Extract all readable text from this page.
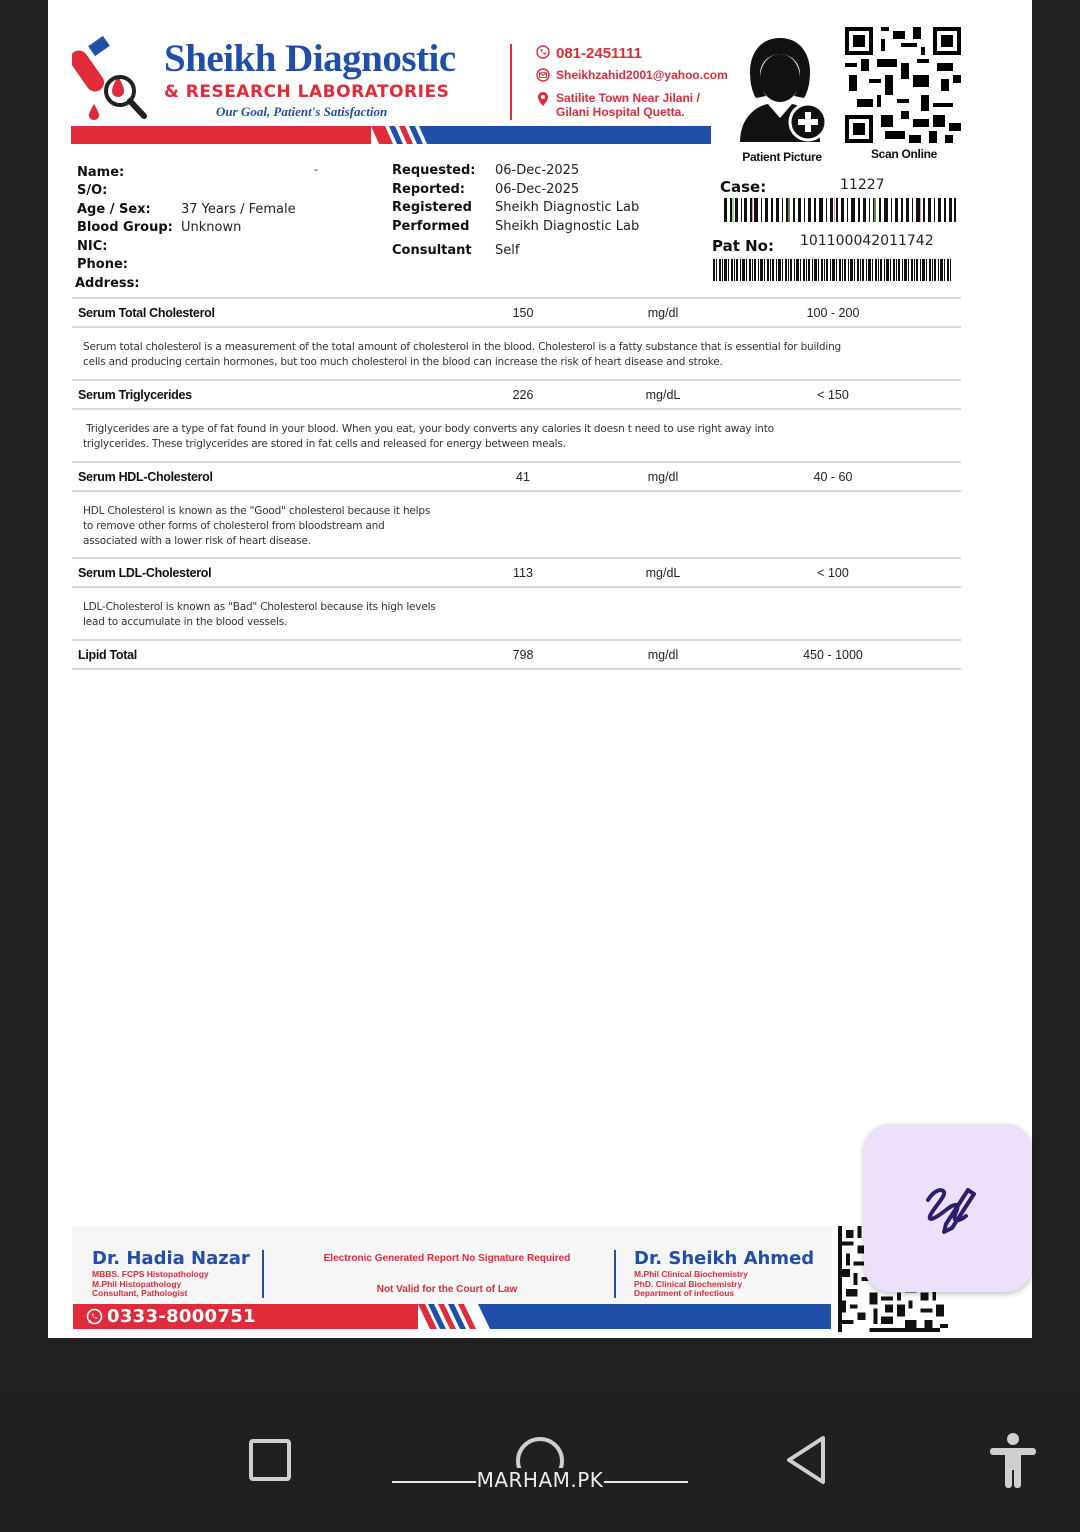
Sheikh Diagnostic
& RESEARCH LABORATORIES
Our Goal, Patient's Satisfaction
081-2451111
Sheikhzahid2001@yahoo.com
Satilite Town Near Jilani / Gilani Hospital Quetta.
Patient Picture	Scan Online
Case:	11227
Pat No: 101100042011742
Name:	-
S/O:
Age / Sex: 37 Years / Female
Blood Group: Unknown
NIC:
Phone:
Address:
Requested: 06-Dec-2025
Reported: 06-Dec-2025
Registered Sheikh Diagnostic Lab
Performed Sheikh Diagnostic Lab
Consultant Self
Serum Total Cholesterol	150	mg/dl	100 - 200
Serum total cholesterol is a measurement of the total amount of cholesterol in the blood. Cholesterol is a fatty substance that is essential for building
cells and producing certain hormones, but too much cholesterol in the blood can increase the risk of heart disease and stroke.
Serum Triglycerides	226	mg/dL	< 150
Triglycerides are a type of fat found in your blood. When you eat, your body converts any calories it doesn t need to use right away into
triglycerides. These triglycerides are stored in fat cells and released for energy between meals.
Serum HDL-Cholesterol	41	mg/dl	40 - 60
HDL Cholesterol is known as the "Good" cholesterol because it helps
to remove other forms of cholesterol from bloodstream and
associated with a lower risk of heart disease.
Serum LDL-Cholesterol	113	mg/dL	< 100
LDL-Cholesterol is known as "Bad" Cholesterol because its high levels
lead to accumulate in the blood vessels.
Lipid Total	798	mg/dl	450 - 1000
Dr. Hadia Nazar
MBBS. FCPS Histopathology
M.Phil Histopathology
Consultant, Pathologist
Electronic Generated Report No Signature Required
Not Valid for the Court of Law
Dr. Sheikh Ahmed
M.Phil Clinical Biochemistry
PhD. Clinical Biochemistry
Department of infectious
0333-8000751
MARHAM.PK
